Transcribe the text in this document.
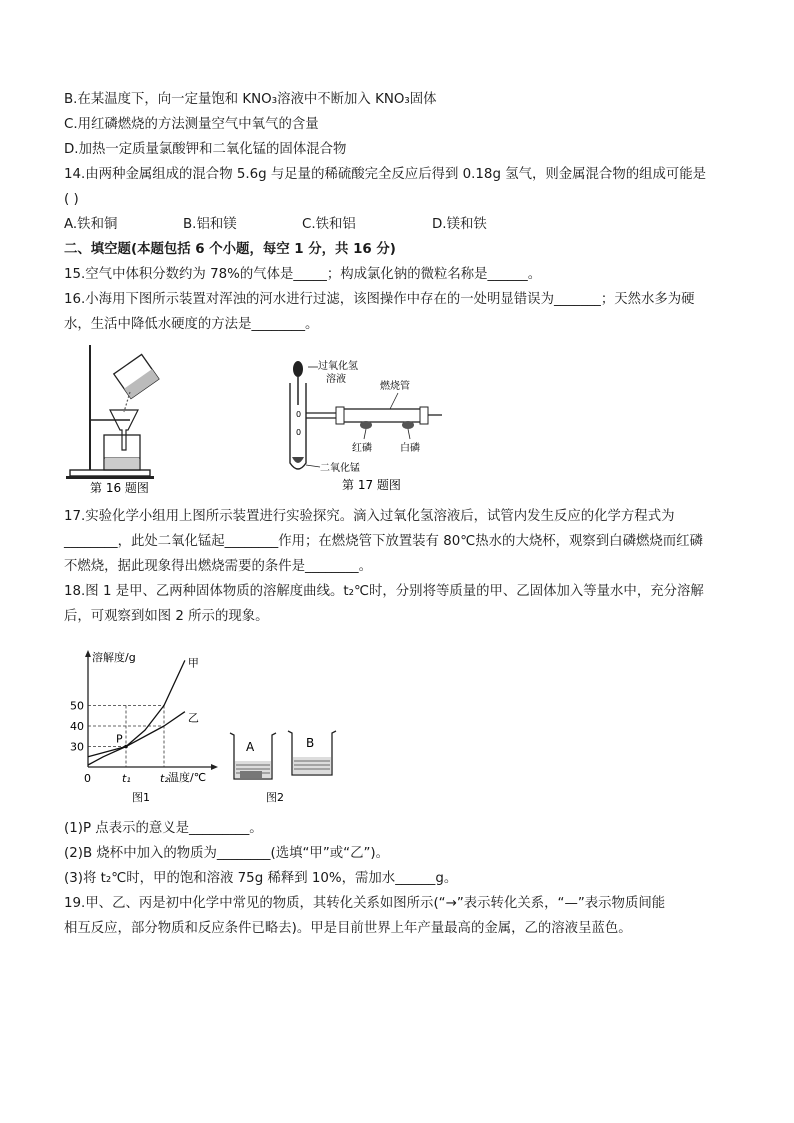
B.在某温度下，向一定量饱和 KNO₃溶液中不断加入 KNO₃固体
C.用红磷燃烧的方法测量空气中氧气的含量
D.加热一定质量氯酸钾和二氧化锰的固体混合物
14.由两种金属组成的混合物 5.6g 与足量的稀硫酸完全反应后得到 0.18g 氢气，则金属混合物的组成可能是
( )
A.铁和铜	B.铝和镁	C.铁和铝	D.镁和铁
二、填空题(本题包括 6 个小题，每空 1 分，共 16 分)
15.空气中体积分数约为 78%的气体是_____；构成氯化钠的微粒名称是______。
16.小海用下图所示装置对浑浊的河水进行过滤，该图操作中存在的一处明显错误为_______；天然水多为硬
水，生活中降低水硬度的方法是________。
第 16 题图
0
0
过氧化氢
溶液
燃烧管
红磷	白磷
二氧化锰
第 17 题图
17.实验化学小组用上图所示装置进行实验探究。滴入过氧化氢溶液后，试管内发生反应的化学方程式为
________，此处二氧化锰起________作用；在燃烧管下放置装有 80℃热水的大烧杯，观察到白磷燃烧而红磷
不燃烧，据此现象得出燃烧需要的条件是________。
18.图 1 是甲、乙两种固体物质的溶解度曲线。t₂℃时，分别将等质量的甲、乙固体加入等量水中，充分溶解
后，可观察到如图 2 所示的现象。
30
40
50
0	t₁	t₂
甲
乙
P
溶解度/g
温度/℃
图1
A	B
图2
(1)P 点表示的意义是_________。
(2)B 烧杯中加入的物质为________(选填“甲”或“乙”)。
(3)将 t₂℃时，甲的饱和溶液 75g 稀释到 10%，需加水______g。
19.甲、乙、丙是初中化学中常见的物质，其转化关系如图所示(“→”表示转化关系，“—”表示物质间能
相互反应，部分物质和反应条件已略去)。甲是目前世界上年产量最高的金属，乙的溶液呈蓝色。
